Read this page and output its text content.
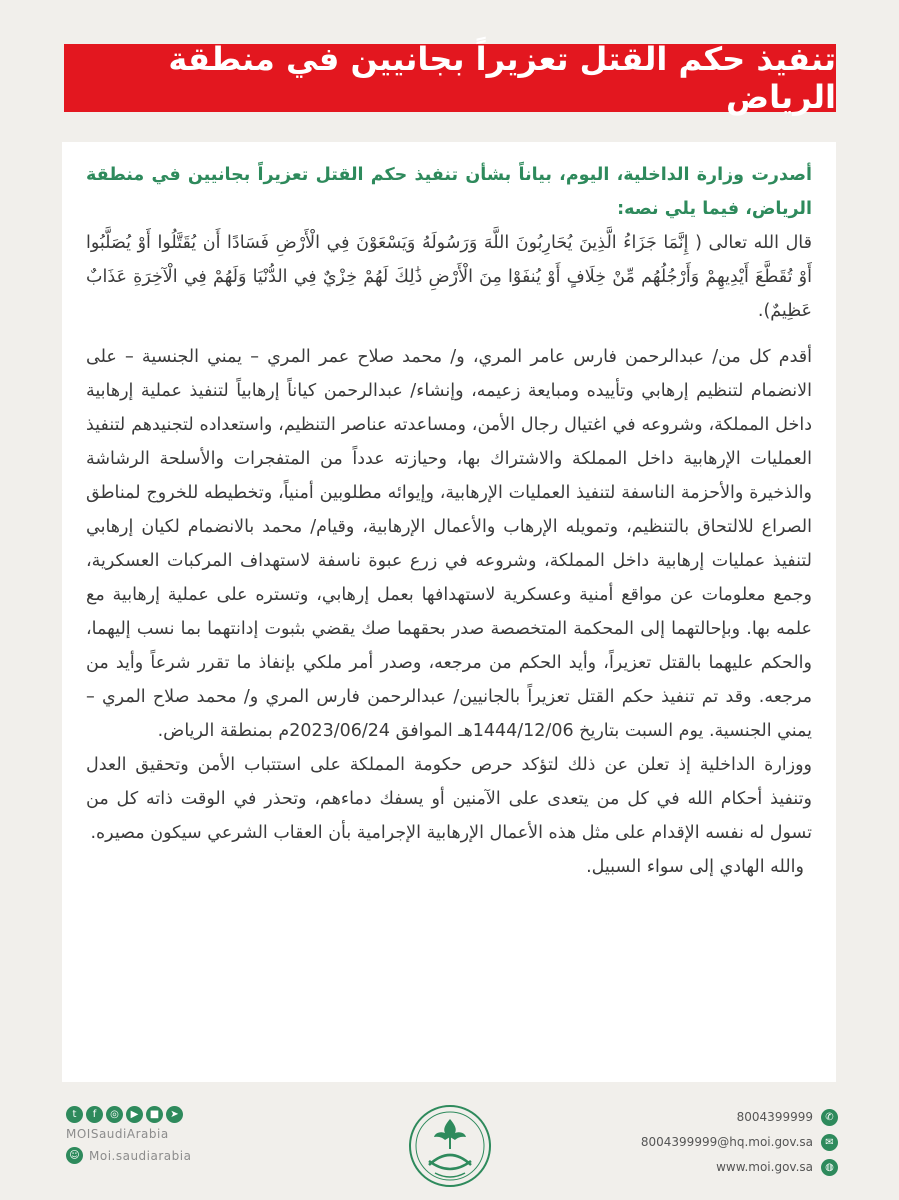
تنفيذ حكم القتل تعزيراً بجانيين في منطقة الرياض

أصدرت وزارة الداخلية، اليوم، بياناً بشأن تنفيذ حكم القتل تعزيراً بجانيين في منطقة الرياض، فيما يلي نصه:

قال الله تعالى ( إِنَّمَا جَزَاءُ الَّذِينَ يُحَارِبُونَ اللَّهَ وَرَسُولَهُ وَيَسْعَوْنَ فِي الْأَرْضِ فَسَادًا أَن يُقَتَّلُوا أَوْ يُصَلَّبُوا أَوْ تُقَطَّعَ أَيْدِيهِمْ وَأَرْجُلُهُم مِّنْ خِلَافٍ أَوْ يُنفَوْا مِنَ الْأَرْضِ ذَٰلِكَ لَهُمْ خِزْيٌ فِي الدُّنْيَا وَلَهُمْ فِي الْآخِرَةِ عَذَابٌ عَظِيمٌ).

أقدم كل من/ عبدالرحمن فارس عامر المري، و/ محمد صلاح عمر المري – يمني الجنسية – على الانضمام لتنظيم إرهابي وتأييده ومبايعة زعيمه، وإنشاء/ عبدالرحمن كياناً إرهابياً لتنفيذ عملية إرهابية داخل المملكة، وشروعه في اغتيال رجال الأمن، ومساعدته عناصر التنظيم، واستعداده لتجنيدهم لتنفيذ العمليات الإرهابية داخل المملكة والاشتراك بها، وحيازته عدداً من المتفجرات والأسلحة الرشاشة والذخيرة والأحزمة الناسفة لتنفيذ العمليات الإرهابية، وإيوائه مطلوبين أمنياً، وتخطيطه للخروج لمناطق الصراع للالتحاق بالتنظيم، وتمويله الإرهاب والأعمال الإرهابية، وقيام/ محمد بالانضمام لكيان إرهابي لتنفيذ عمليات إرهابية داخل المملكة، وشروعه في زرع عبوة ناسفة لاستهداف المركبات العسكرية، وجمع معلومات عن مواقع أمنية وعسكرية لاستهدافها بعمل إرهابي، وتستره على عملية إرهابية مع علمه بها. وبإحالتهما إلى المحكمة المتخصصة صدر بحقهما صك يقضي بثبوت إدانتهما بما نسب إليهما، والحكم عليهما بالقتل تعزيراً، وأيد الحكم من مرجعه، وصدر أمر ملكي بإنفاذ ما تقرر شرعاً وأيد من مرجعه. وقد تم تنفيذ حكم القتل تعزيراً بالجانيين/ عبدالرحمن فارس المري و/ محمد صلاح المري – يمني الجنسية. يوم السبت بتاريخ 1444/12/06هـ الموافق 2023/06/24م بمنطقة الرياض.

ووزارة الداخلية إذ تعلن عن ذلك لتؤكد حرص حكومة المملكة على استتباب الأمن وتحقيق العدل وتنفيذ أحكام الله في كل من يتعدى على الآمنين أو يسفك دماءهم، وتحذر في الوقت ذاته كل من تسول له نفسه الإقدام على مثل هذه الأعمال الإرهابية الإجرامية بأن العقاب الشرعي سيكون مصيره.

والله الهادي إلى سواء السبيل.

t	f	◎	▶	■	➤
MOISaudiArabia
☺ Moi.saudiarabia
8004399999	✆
8004399999@hq.moi.gov.sa	✉
www.moi.gov.sa	◍
